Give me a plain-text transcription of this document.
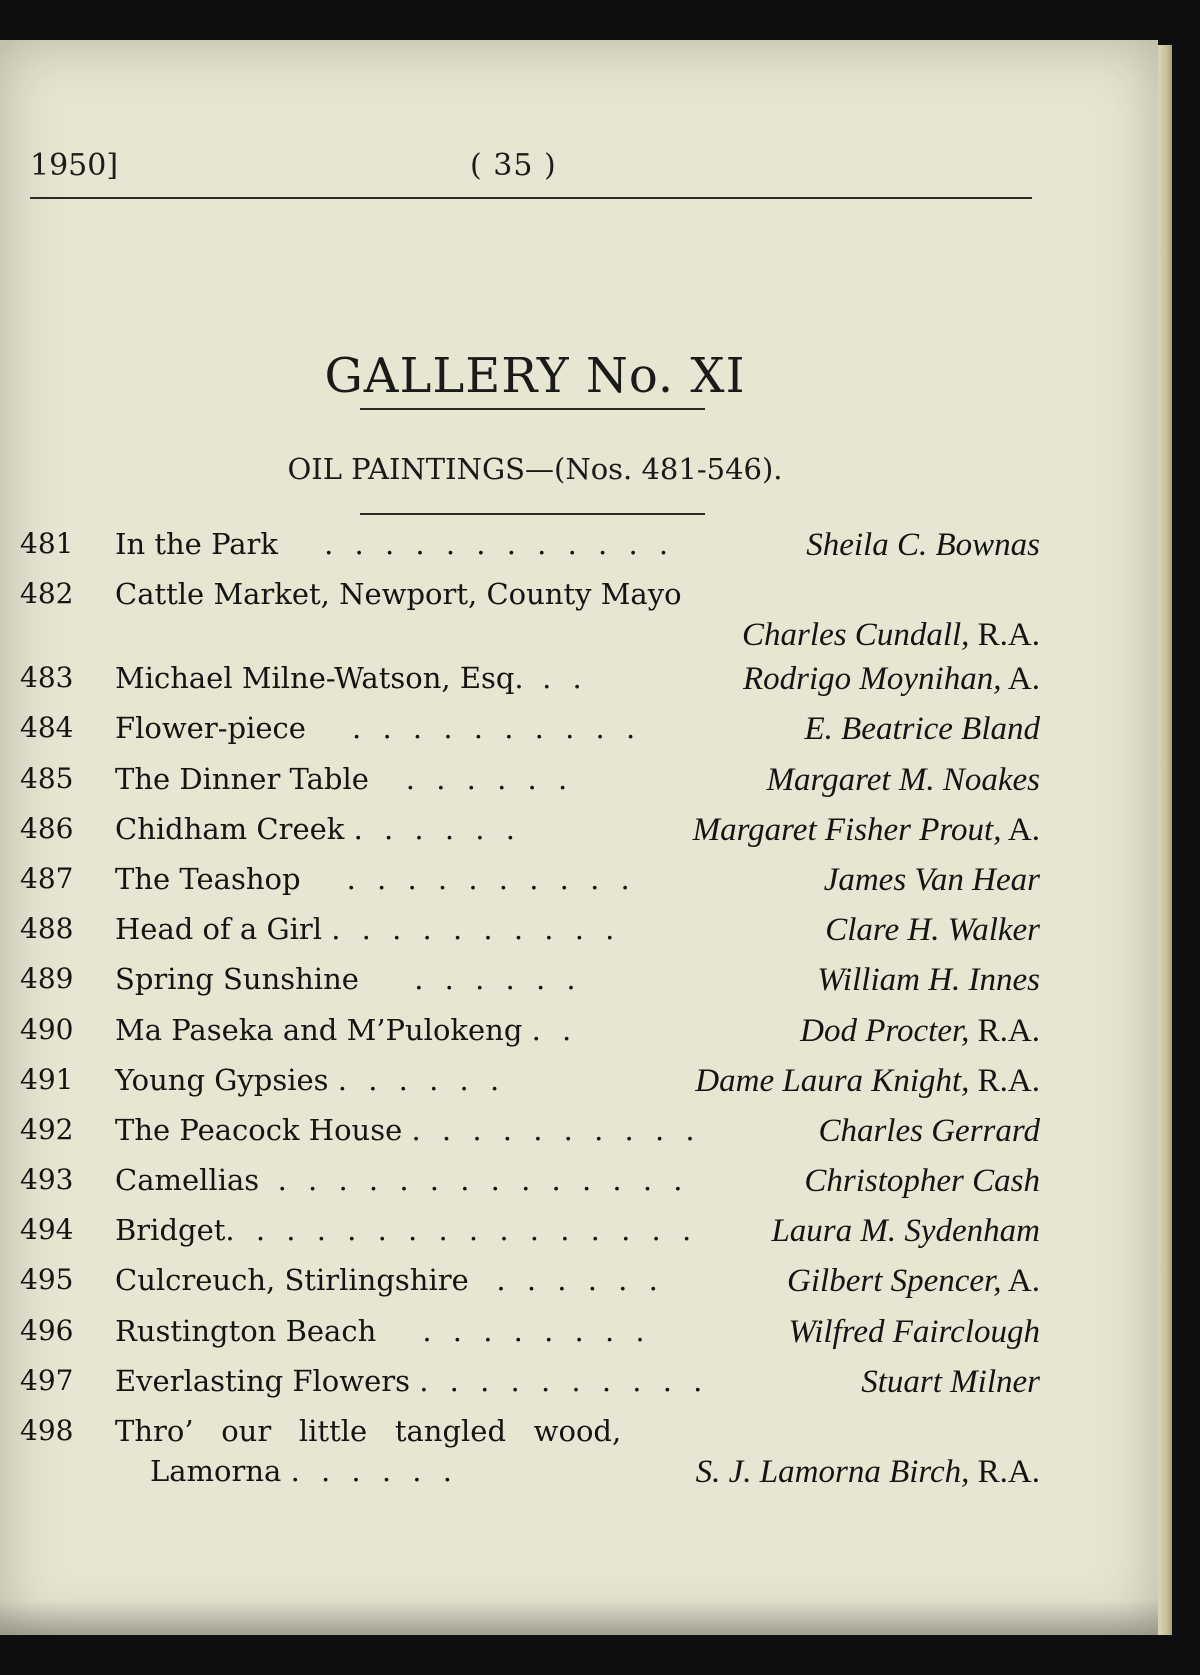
1950]	( 35 )
GALLERY No. XI
OIL PAINTINGS—(Nos. 481-546).
481	In the Park . . . . . . . . . . . .	Sheila C. Bownas
482	Cattle Market, Newport, County Mayo
Charles Cundall, R.A.
483	Michael Milne-Watson, Esq. . .	Rodrigo Moynihan, A.
484	Flower-piece . . . . . . . . . .	E. Beatrice Bland
485	The Dinner Table . . . . . .	Margaret M. Noakes
486	Chidham Creek . . . . . .	Margaret Fisher Prout, A.
487	The Teashop . . . . . . . . . .	James Van Hear
488	Head of a Girl . . . . . . . . . .	Clare H. Walker
489	Spring Sunshine . . . . . .	William H. Innes
490	Ma Paseka and M’Pulokeng . .	Dod Procter, R.A.
491	Young Gypsies . . . . . .	Dame Laura Knight, R.A.
492	The Peacock House . . . . . . . . . .	Charles Gerrard
493	Camellias . . . . . . . . . . . . . .	Christopher Cash
494	Bridget. . . . . . . . . . . . . . . . Laura M. Sydenham
495	Culcreuch, Stirlingshire . . . . . .	Gilbert Spencer, A.
496	Rustington Beach . . . . . . . .	Wilfred Fairclough
497	Everlasting Flowers . . . . . . . . . .	Stuart Milner
498	Thro’   our   little   tangled   wood,
Lamorna . . . . . .	S. J. Lamorna Birch, R.A.
